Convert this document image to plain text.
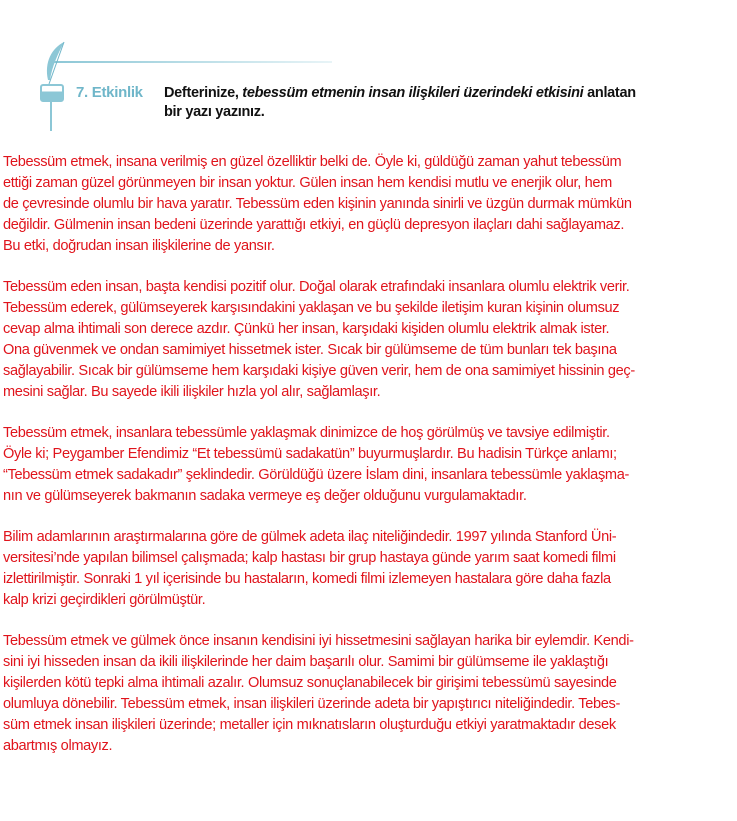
7. Etkinlik Defterinize, tebessüm etmenin insan ilişkileri üzerindeki etkisini anlatan
bir yazı yazınız.

Tebessüm etmek, insana verilmiş en güzel özelliktir belki de. Öyle ki, güldüğü zaman yahut tebessüm
ettiği zaman güzel görünmeyen bir insan yoktur. Gülen insan hem kendisi mutlu ve enerjik olur, hem
de çevresinde olumlu bir hava yaratır. Tebessüm eden kişinin yanında sinirli ve üzgün durmak mümkün
değildir. Gülmenin insan bedeni üzerinde yarattığı etkiyi, en güçlü depresyon ilaçları dahi sağlayamaz.
Bu etki, doğrudan insan ilişkilerine de yansır.

Tebessüm eden insan, başta kendisi pozitif olur. Doğal olarak etrafındaki insanlara olumlu elektrik verir.
Tebessüm ederek, gülümseyerek karşısındakini yaklaşan ve bu şekilde iletişim kuran kişinin olumsuz
cevap alma ihtimali son derece azdır. Çünkü her insan, karşıdaki kişiden olumlu elektrik almak ister.
Ona güvenmek ve ondan samimiyet hissetmek ister. Sıcak bir gülümseme de tüm bunları tek başına
sağlayabilir. Sıcak bir gülümseme hem karşıdaki kişiye güven verir, hem de ona samimiyet hissinin geç-
mesini sağlar. Bu sayede ikili ilişkiler hızla yol alır, sağlamlaşır.

Tebessüm etmek, insanlara tebessümle yaklaşmak dinimizce de hoş görülmüş ve tavsiye edilmiştir.
Öyle ki; Peygamber Efendimiz “Et tebessümü sadakatün” buyurmuşlardır. Bu hadisin Türkçe anlamı;
“Tebessüm etmek sadakadır” şeklindedir. Görüldüğü üzere İslam dini, insanlara tebessümle yaklaşma-
nın ve gülümseyerek bakmanın sadaka vermeye eş değer olduğunu vurgulamaktadır.

Bilim adamlarının araştırmalarına göre de gülmek adeta ilaç niteliğindedir. 1997 yılında Stanford Üni-
versitesi’nde yapılan bilimsel çalışmada; kalp hastası bir grup hastaya günde yarım saat komedi filmi
izlettirilmiştir. Sonraki 1 yıl içerisinde bu hastaların, komedi filmi izlemeyen hastalara göre daha fazla
kalp krizi geçirdikleri görülmüştür.

Tebessüm etmek ve gülmek önce insanın kendisini iyi hissetmesini sağlayan harika bir eylemdir. Kendi-
sini iyi hisseden insan da ikili ilişkilerinde her daim başarılı olur. Samimi bir gülümseme ile yaklaştığı
kişilerden kötü tepki alma ihtimali azalır. Olumsuz sonuçlanabilecek bir girişimi tebessümü sayesinde
olumluya dönebilir. Tebessüm etmek, insan ilişkileri üzerinde adeta bir yapıştırıcı niteliğindedir. Tebes-
süm etmek insan ilişkileri üzerinde; metaller için mıknatısların oluşturduğu etkiyi yaratmaktadır desek
abartmış olmayız.
